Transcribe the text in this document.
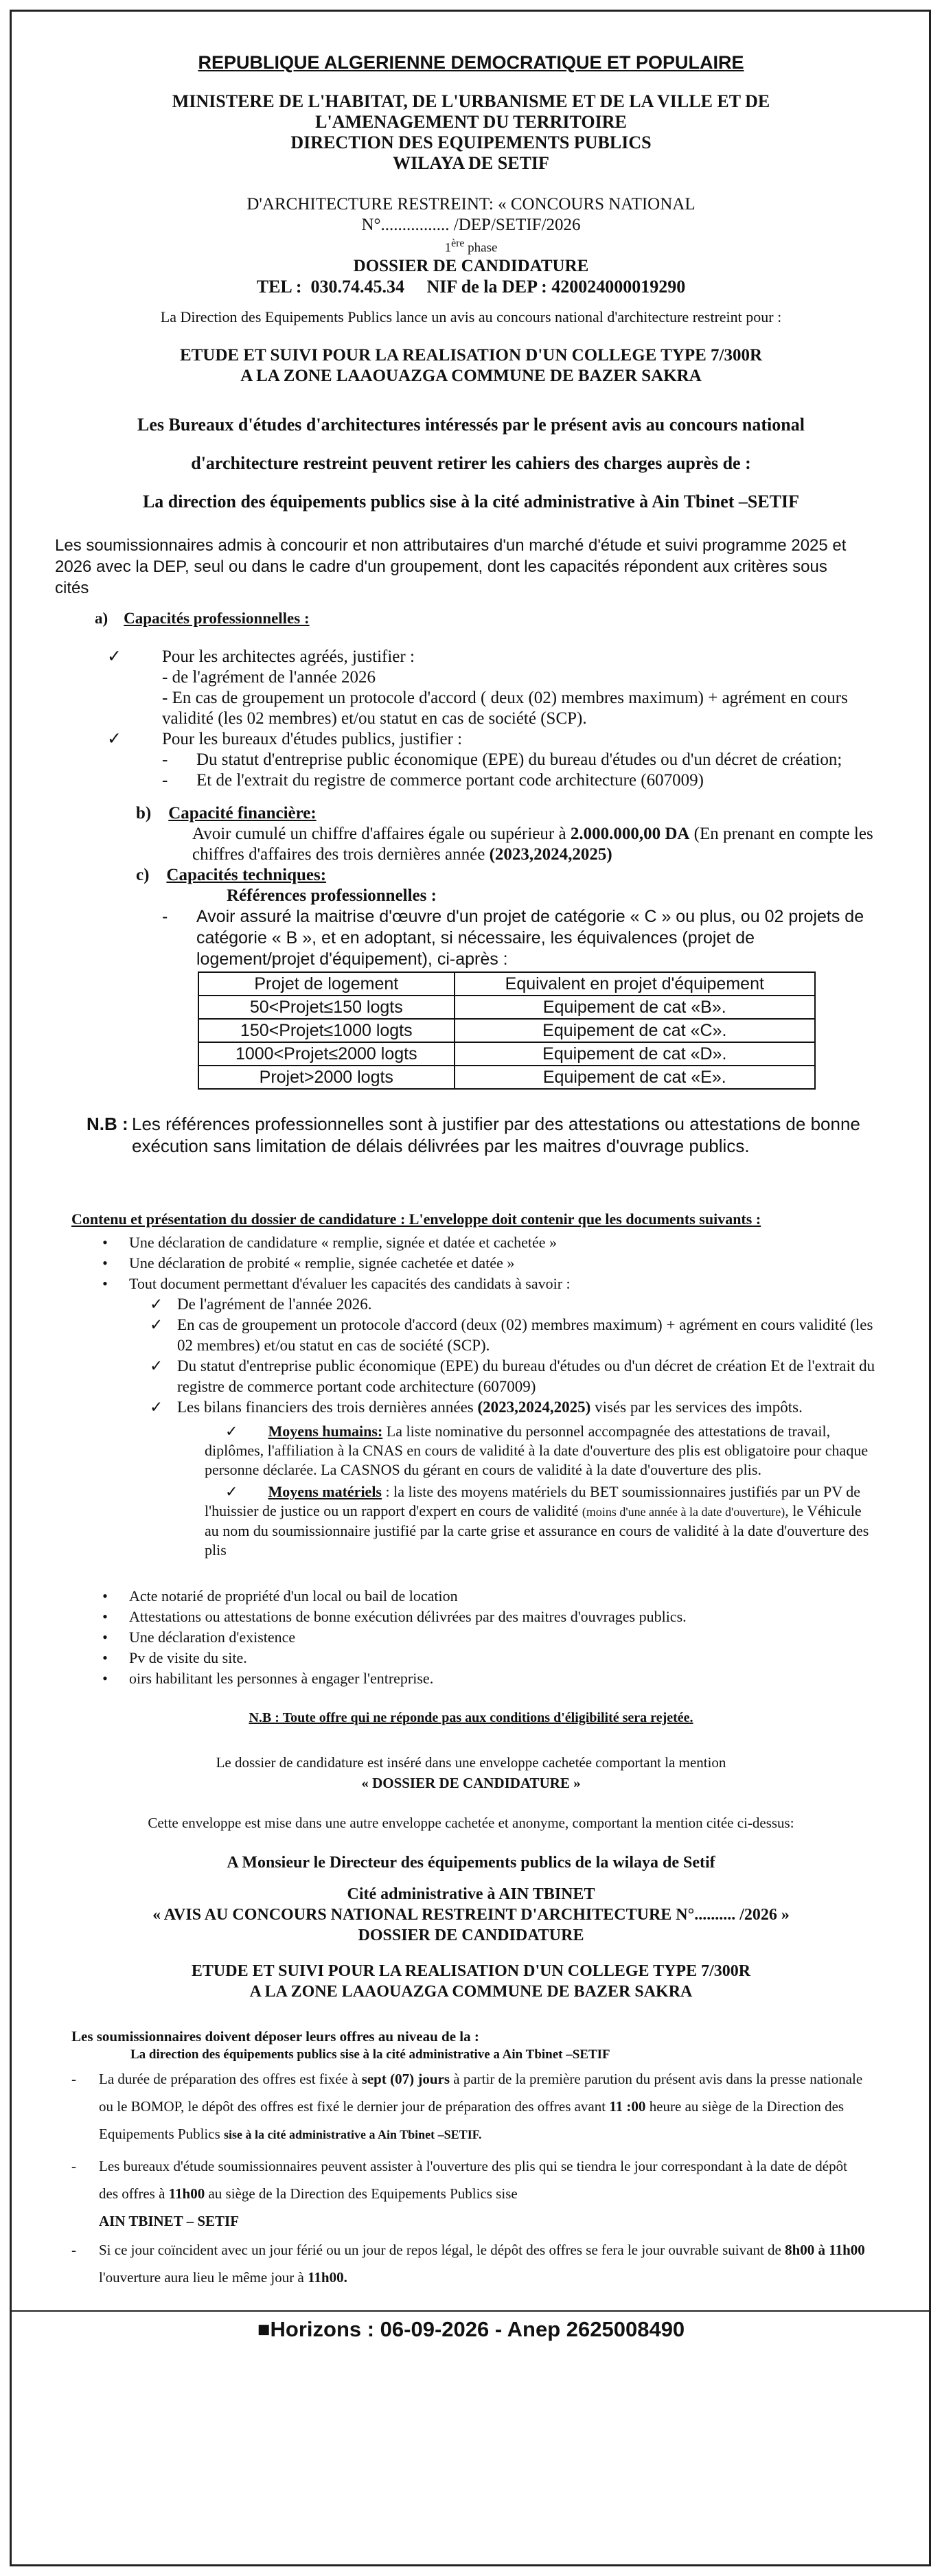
REPUBLIQUE ALGERIENNE DEMOCRATIQUE ET POPULAIRE

MINISTERE DE L'HABITAT, DE L'URBANISME ET DE LA VILLE ET DE

L'AMENAGEMENT DU TERRITOIRE

DIRECTION DES EQUIPEMENTS PUBLICS

WILAYA DE SETIF

D'ARCHITECTURE RESTREINT: « CONCOURS NATIONAL

N°................ /DEP/SETIF/2026

1ère phase

DOSSIER DE CANDIDATURE

TEL :  030.74.45.34     NIF de la DEP : 420024000019290

La Direction des Equipements Publics lance un avis au concours national d'architecture restreint pour :

ETUDE ET SUIVI POUR LA REALISATION D'UN COLLEGE TYPE 7/300R

A LA ZONE LAAOUAZGA COMMUNE DE BAZER SAKRA

Les Bureaux d'études d'architectures intéressés par le présent avis au concours national

d'architecture restreint peuvent retirer les cahiers des charges auprès de :

La direction des équipements publics sise à la cité administrative à Ain Tbinet –SETIF

Les soumissionnaires admis à concourir et non attributaires d'un marché d'étude et suivi programme 2025 et 2026 avec la DEP, seul ou dans le cadre d'un groupement, dont les capacités répondent aux critères sous cités

a) Capacités professionnelles :

✓	Pour les architectes agréés, justifier :

- de l'agrément de l'année 2026

- En cas de groupement un protocole d'accord ( deux (02) membres maximum) + agrément en cours validité (les 02 membres) et/ou statut en cas de société (SCP).

✓	Pour les bureaux d'études publics, justifier :
-	Du statut d'entreprise public économique (EPE) du bureau d'études ou d'un décret de création;
-	Et de l'extrait du registre de commerce portant code architecture (607009)

b) Capacité financière:

Avoir cumulé un chiffre d'affaires égale ou supérieur à 2.000.000,00 DA (En prenant en compte les chiffres d'affaires des trois dernières année (2023,2024,2025)

c) Capacités techniques:

Références professionnelles :

-	Avoir assuré la maitrise d'œuvre d'un projet de catégorie « C » ou plus, ou 02 projets de catégorie « B », et en adoptant, si nécessaire, les équivalences (projet de logement/projet d'équipement), ci-après :
Projet de logement	Equivalent en projet d'équipement
50<Projet≤150 logts	Equipement de cat «B».
150<Projet≤1000 logts	Equipement de cat «C».
1000<Projet≤2000 logts	Equipement de cat «D».
Projet>2000 logts	Equipement de cat «E».
N.B : Les références professionnelles sont à justifier par des attestations ou attestations de bonne exécution sans limitation de délais délivrées par les maitres d'ouvrage publics.

Contenu et présentation du dossier de candidature : L'enveloppe doit contenir que les documents suivants :

•	Une déclaration de candidature « remplie, signée et datée et cachetée »
•	Une déclaration de probité « remplie, signée cachetée et datée »
•	Tout document permettant d'évaluer les capacités des candidats à savoir :
✓ De l'agrément de l'année 2026.
✓ En cas de groupement un protocole d'accord (deux (02) membres maximum) + agrément en cours validité (les 02 membres) et/ou statut en cas de société (SCP).
✓ Du statut d'entreprise public économique (EPE) du bureau d'études ou d'un décret de création Et de l'extrait du registre de commerce portant code architecture (607009)
✓ Les bilans financiers des trois dernières années (2023,2024,2025) visés par les services des impôts.

✓        Moyens humains: La liste nominative du personnel accompagnée des attestations de travail, diplômes, l'affiliation à la CNAS en cours de validité à la date d'ouverture des plis est obligatoire pour chaque personne déclarée. La CASNOS du gérant en cours de validité à la date d'ouverture des plis.

✓        Moyens matériels : la liste des moyens matériels du BET soumissionnaires justifiés par un PV de l'huissier de justice ou un rapport d'expert en cours de validité (moins d'une année à la date d'ouverture), le Véhicule au nom du soumissionnaire justifié par la carte grise et assurance en cours de validité à la date d'ouverture des plis

•	Acte notarié de propriété d'un local ou bail de location
•	Attestations ou attestations de bonne exécution délivrées par des maitres d'ouvrages publics.
•	Une déclaration d'existence
•	Pv de visite du site.
•	oirs habilitant les personnes à engager l'entreprise.

N.B : Toute offre qui ne réponde pas aux conditions d'éligibilité sera rejetée.

Le dossier de candidature est inséré dans une enveloppe cachetée comportant la mention

« DOSSIER DE CANDIDATURE »

Cette enveloppe est mise dans une autre enveloppe cachetée et anonyme, comportant la mention citée ci-dessus:

A Monsieur le Directeur des équipements publics de la wilaya de Setif

Cité administrative à AIN TBINET

« AVIS AU CONCOURS NATIONAL RESTREINT D'ARCHITECTURE N°.......... /2026 »

DOSSIER DE CANDIDATURE

ETUDE ET SUIVI POUR LA REALISATION D'UN COLLEGE TYPE 7/300R

A LA ZONE LAAOUAZGA COMMUNE DE BAZER SAKRA

Les soumissionnaires doivent déposer leurs offres au niveau de la :

La direction des équipements publics sise à la cité administrative a Ain Tbinet –SETIF

-	La durée de préparation des offres est fixée à sept (07) jours à partir de la première parution du présent avis dans la presse nationale ou le BOMOP, le dépôt des offres est fixé le dernier jour de préparation des offres avant 11 :00 heure au siège de la Direction des Equipements Publics sise à la cité administrative a Ain Tbinet –SETIF.
-	Les bureaux d'étude soumissionnaires peuvent assister à l'ouverture des plis qui se tiendra le jour correspondant à la date de dépôt des offres à 11h00 au siège de la Direction des Equipements Publics sise
AIN TBINET – SETIF
-	Si ce jour coïncident avec un jour férié ou un jour de repos légal, le dépôt des offres se fera le jour ouvrable suivant de 8h00 à 11h00 l'ouverture aura lieu le même jour à 11h00.

■Horizons : 06-09-2026 - Anep 2625008490
